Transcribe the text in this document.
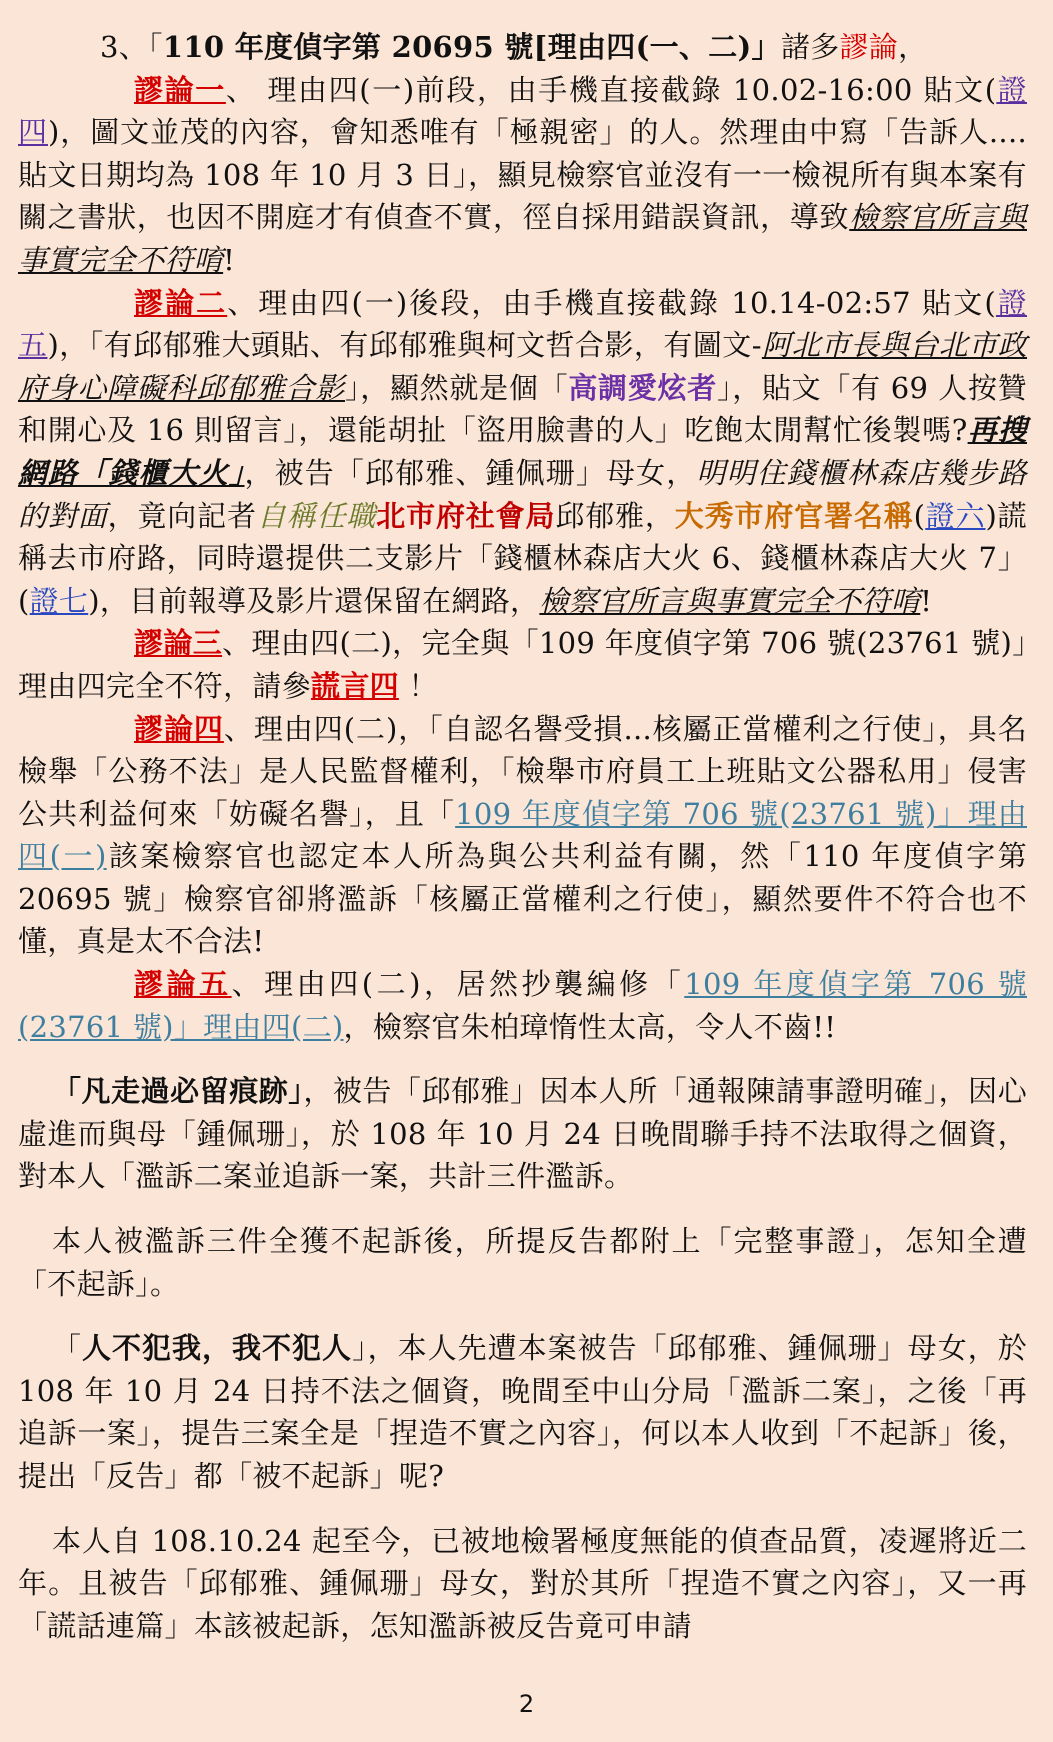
3、「110 年度偵字第 20695 號[理由四(一、二)」諸多謬論，

謬論一、 理由四(一)前段，由手機直接截錄 10.02-16:00 貼文(證四)，圖文並茂的內容，會知悉唯有「極親密」的人。然理由中寫「告訴人....貼文日期均為 108 年 10 月 3 日」，顯見檢察官並沒有一一檢視所有與本案有關之書狀，也因不開庭才有偵查不實，徑自採用錯誤資訊，導致檢察官所言與事實完全不符唷!

謬論二、理由四(一)後段，由手機直接截錄 10.14-02:57 貼文(證五)，「有邱郁雅大頭貼、有邱郁雅與柯文哲合影，有圖文-阿北市長與台北市政府身心障礙科邱郁雅合影」，顯然就是個「高調愛炫者」，貼文「有 69 人按贊和開心及 16 則留言」，還能胡扯「盜用臉書的人」吃飽太閒幫忙後製嗎?再搜網路「錢櫃大火」，被告「邱郁雅、鍾佩珊」母女，明明住錢櫃林森店幾步路的對面，竟向記者自稱任職北市府社會局邱郁雅，大秀市府官署名稱(證六)謊稱去市府路，同時還提供二支影片「錢櫃林森店大火 6、錢櫃林森店大火 7」(證七)，目前報導及影片還保留在網路，檢察官所言與事實完全不符唷!

謬論三、理由四(二)，完全與「109 年度偵字第 706 號(23761 號)」理由四完全不符，請參謊言四 ！

謬論四、理由四(二)，「自認名譽受損...核屬正當權利之行使」，具名檢舉「公務不法」是人民監督權利，「檢舉市府員工上班貼文公器私用」侵害公共利益何來「妨礙名譽」，且「109 年度偵字第 706 號(23761 號)」理由四(一)該案檢察官也認定本人所為與公共利益有關，然「110 年度偵字第 20695 號」檢察官卻將濫訴「核屬正當權利之行使」，顯然要件不符合也不懂，真是太不合法!

謬論五、理由四(二)，居然抄襲編修「109 年度偵字第 706 號(23761 號)」理由四(二)，檢察官朱柏璋惰性太高，令人不齒!!

「凡走過必留痕跡」，被告「邱郁雅」因本人所「通報陳請事證明確」，因心虛進而與母「鍾佩珊」，於 108 年 10 月 24 日晚間聯手持不法取得之個資，對本人「濫訴二案並追訴一案，共計三件濫訴。

本人被濫訴三件全獲不起訴後，所提反告都附上「完整事證」，怎知全遭「不起訴」。

「人不犯我，我不犯人」，本人先遭本案被告「邱郁雅、鍾佩珊」母女，於 108 年 10 月 24 日持不法之個資，晚間至中山分局「濫訴二案」，之後「再追訴一案」，提告三案全是「捏造不實之內容」，何以本人收到「不起訴」後，提出「反告」都「被不起訴」呢?

本人自 108.10.24 起至今，已被地檢署極度無能的偵查品質，凌遲將近二年。且被告「邱郁雅、鍾佩珊」母女，對於其所「捏造不實之內容」，又一再「謊話連篇」本該被起訴，怎知濫訴被反告竟可申請

2
